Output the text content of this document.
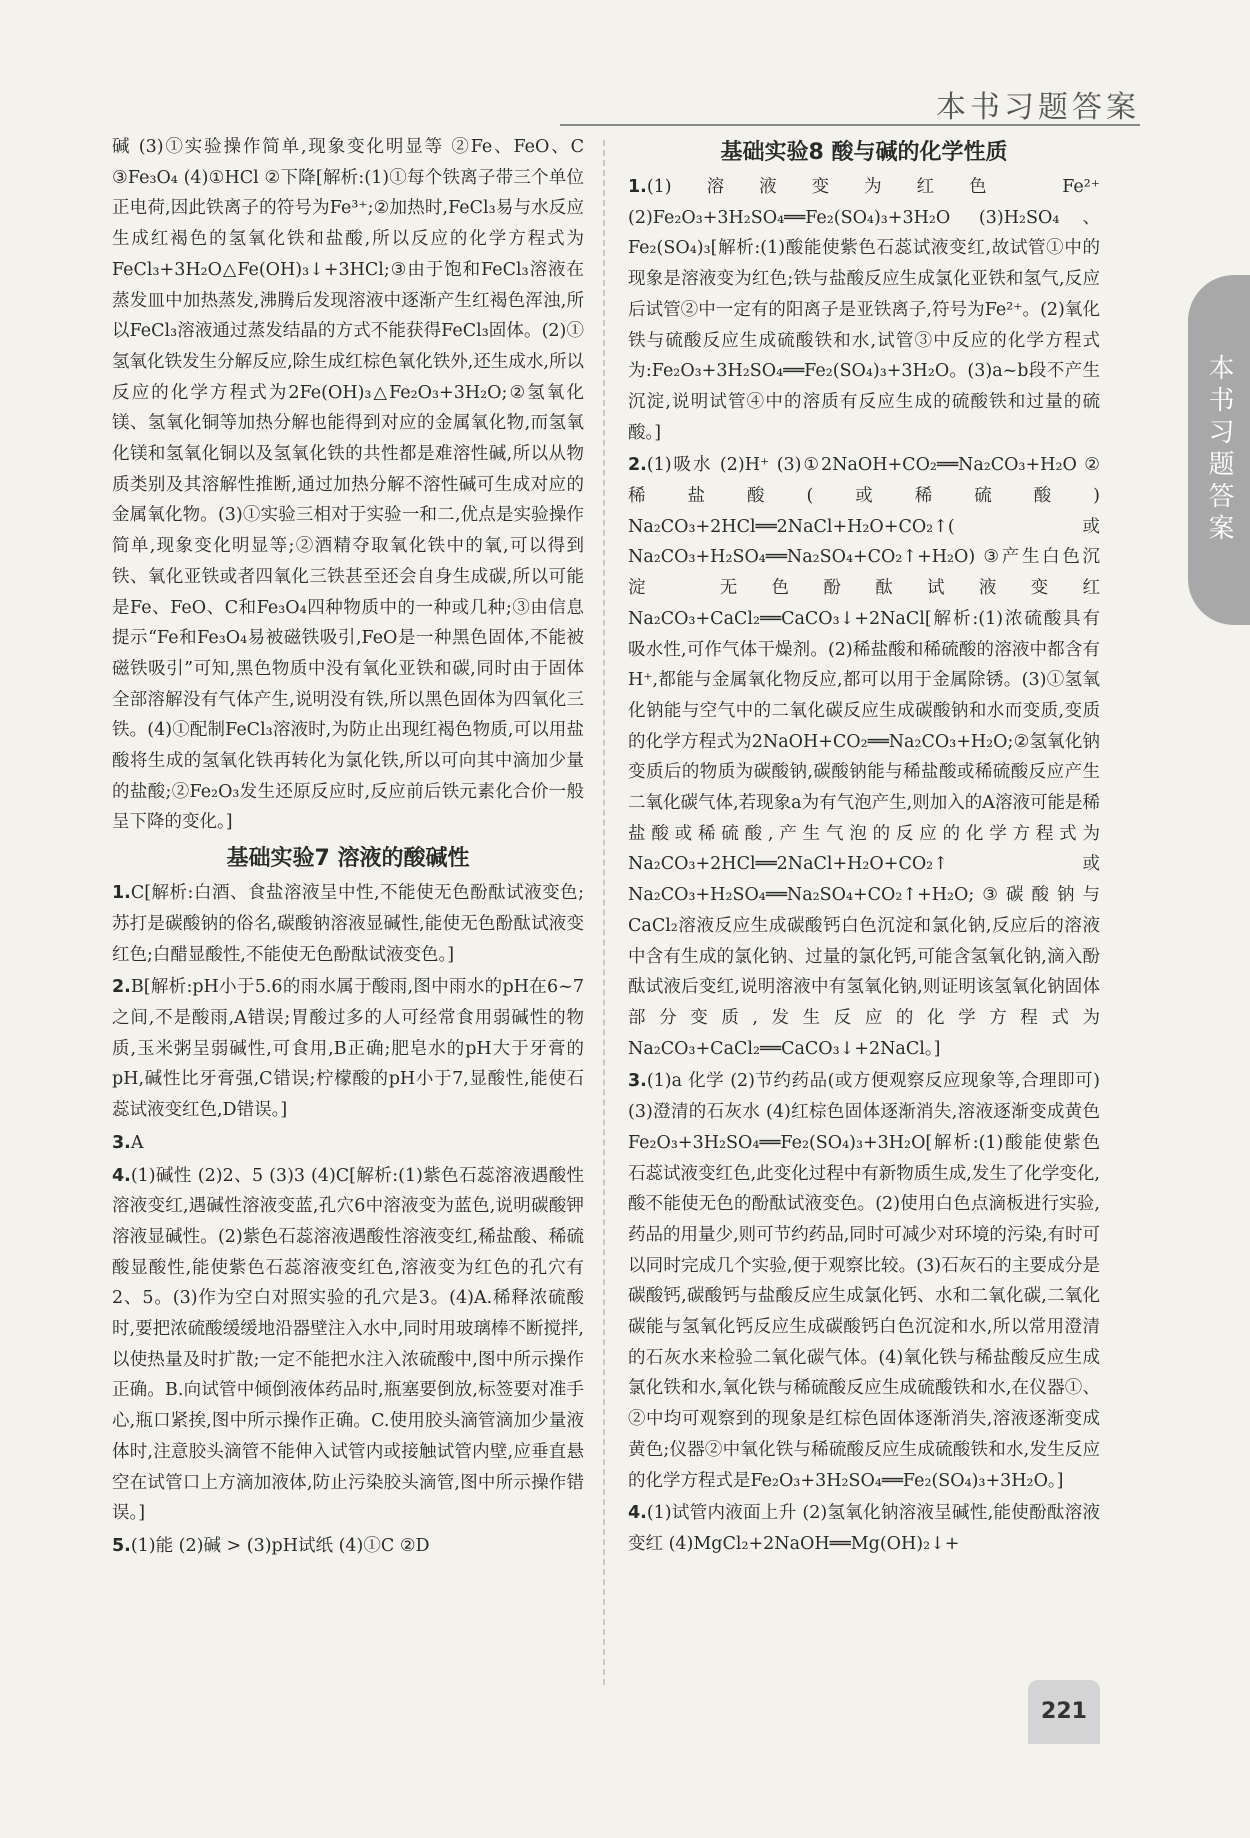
本书习题答案
本书习题答案

碱 (3)①实验操作简单,现象变化明显等 ②Fe、FeO、C ③Fe₃O₄ (4)①HCl ②下降[解析:(1)①每个铁离子带三个单位正电荷,因此铁离子的符号为Fe³⁺;②加热时,FeCl₃易与水反应生成红褐色的氢氧化铁和盐酸,所以反应的化学方程式为FeCl₃+3H₂O△Fe(OH)₃↓+3HCl;③由于饱和FeCl₃溶液在蒸发皿中加热蒸发,沸腾后发现溶液中逐渐产生红褐色浑浊,所以FeCl₃溶液通过蒸发结晶的方式不能获得FeCl₃固体。(2)①氢氧化铁发生分解反应,除生成红棕色氧化铁外,还生成水,所以反应的化学方程式为2Fe(OH)₃△Fe₂O₃+3H₂O;②氢氧化镁、氢氧化铜等加热分解也能得到对应的金属氧化物,而氢氧化镁和氢氧化铜以及氢氧化铁的共性都是难溶性碱,所以从物质类别及其溶解性推断,通过加热分解不溶性碱可生成对应的金属氧化物。(3)①实验三相对于实验一和二,优点是实验操作简单,现象变化明显等;②酒精夺取氧化铁中的氧,可以得到铁、氧化亚铁或者四氧化三铁甚至还会自身生成碳,所以可能是Fe、FeO、C和Fe₃O₄四种物质中的一种或几种;③由信息提示“Fe和Fe₃O₄易被磁铁吸引,FeO是一种黑色固体,不能被磁铁吸引”可知,黑色物质中没有氧化亚铁和碳,同时由于固体全部溶解没有气体产生,说明没有铁,所以黑色固体为四氧化三铁。(4)①配制FeCl₃溶液时,为防止出现红褐色物质,可以用盐酸将生成的氢氧化铁再转化为氯化铁,所以可向其中滴加少量的盐酸;②Fe₂O₃发生还原反应时,反应前后铁元素化合价一般呈下降的变化。]

基础实验7 溶液的酸碱性
1.C[解析:白酒、食盐溶液呈中性,不能使无色酚酞试液变色;苏打是碳酸钠的俗名,碳酸钠溶液显碱性,能使无色酚酞试液变红色;白醋显酸性,不能使无色酚酞试液变色。]
2.B[解析:pH小于5.6的雨水属于酸雨,图中雨水的pH在6~7之间,不是酸雨,A错误;胃酸过多的人可经常食用弱碱性的物质,玉米粥呈弱碱性,可食用,B正确;肥皂水的pH大于牙膏的pH,碱性比牙膏强,C错误;柠檬酸的pH小于7,显酸性,能使石蕊试液变红色,D错误。]
3.A
4.(1)碱性 (2)2、5 (3)3 (4)C[解析:(1)紫色石蕊溶液遇酸性溶液变红,遇碱性溶液变蓝,孔穴6中溶液变为蓝色,说明碳酸钾溶液显碱性。(2)紫色石蕊溶液遇酸性溶液变红,稀盐酸、稀硫酸显酸性,能使紫色石蕊溶液变红色,溶液变为红色的孔穴有2、5。(3)作为空白对照实验的孔穴是3。(4)A.稀释浓硫酸时,要把浓硫酸缓缓地沿器壁注入水中,同时用玻璃棒不断搅拌,以使热量及时扩散;一定不能把水注入浓硫酸中,图中所示操作正确。B.向试管中倾倒液体药品时,瓶塞要倒放,标签要对准手心,瓶口紧挨,图中所示操作正确。C.使用胶头滴管滴加少量液体时,注意胶头滴管不能伸入试管内或接触试管内壁,应垂直悬空在试管口上方滴加液体,防止污染胶头滴管,图中所示操作错误。]
5.(1)能 (2)碱 > (3)pH试纸 (4)①C ②D
基础实验8 酸与碱的化学性质
1.(1)溶液变为红色 Fe²⁺ (2)Fe₂O₃+3H₂SO₄══Fe₂(SO₄)₃+3H₂O (3)H₂SO₄、Fe₂(SO₄)₃[解析:(1)酸能使紫色石蕊试液变红,故试管①中的现象是溶液变为红色;铁与盐酸反应生成氯化亚铁和氢气,反应后试管②中一定有的阳离子是亚铁离子,符号为Fe²⁺。(2)氧化铁与硫酸反应生成硫酸铁和水,试管③中反应的化学方程式为:Fe₂O₃+3H₂SO₄══Fe₂(SO₄)₃+3H₂O。(3)a~b段不产生沉淀,说明试管④中的溶质有反应生成的硫酸铁和过量的硫酸。]
2.(1)吸水 (2)H⁺ (3)①2NaOH+CO₂══Na₂CO₃+H₂O ②稀盐酸(或稀硫酸) Na₂CO₃+2HCl══2NaCl+H₂O+CO₂↑(或Na₂CO₃+H₂SO₄══Na₂SO₄+CO₂↑+H₂O) ③产生白色沉淀 无色酚酞试液变红 Na₂CO₃+CaCl₂══CaCO₃↓+2NaCl[解析:(1)浓硫酸具有吸水性,可作气体干燥剂。(2)稀盐酸和稀硫酸的溶液中都含有H⁺,都能与金属氧化物反应,都可以用于金属除锈。(3)①氢氧化钠能与空气中的二氧化碳反应生成碳酸钠和水而变质,变质的化学方程式为2NaOH+CO₂══Na₂CO₃+H₂O;②氢氧化钠变质后的物质为碳酸钠,碳酸钠能与稀盐酸或稀硫酸反应产生二氧化碳气体,若现象a为有气泡产生,则加入的A溶液可能是稀盐酸或稀硫酸,产生气泡的反应的化学方程式为Na₂CO₃+2HCl══2NaCl+H₂O+CO₂↑或Na₂CO₃+H₂SO₄══Na₂SO₄+CO₂↑+H₂O;③碳酸钠与CaCl₂溶液反应生成碳酸钙白色沉淀和氯化钠,反应后的溶液中含有生成的氯化钠、过量的氯化钙,可能含氢氧化钠,滴入酚酞试液后变红,说明溶液中有氢氧化钠,则证明该氢氧化钠固体部分变质,发生反应的化学方程式为Na₂CO₃+CaCl₂══CaCO₃↓+2NaCl。]
3.(1)a 化学 (2)节约药品(或方便观察反应现象等,合理即可) (3)澄清的石灰水 (4)红棕色固体逐渐消失,溶液逐渐变成黄色 Fe₂O₃+3H₂SO₄══Fe₂(SO₄)₃+3H₂O[解析:(1)酸能使紫色石蕊试液变红色,此变化过程中有新物质生成,发生了化学变化,酸不能使无色的酚酞试液变色。(2)使用白色点滴板进行实验,药品的用量少,则可节约药品,同时可减少对环境的污染,有时可以同时完成几个实验,便于观察比较。(3)石灰石的主要成分是碳酸钙,碳酸钙与盐酸反应生成氯化钙、水和二氧化碳,二氧化碳能与氢氧化钙反应生成碳酸钙白色沉淀和水,所以常用澄清的石灰水来检验二氧化碳气体。(4)氧化铁与稀盐酸反应生成氯化铁和水,氧化铁与稀硫酸反应生成硫酸铁和水,在仪器①、②中均可观察到的现象是红棕色固体逐渐消失,溶液逐渐变成黄色;仪器②中氧化铁与稀硫酸反应生成硫酸铁和水,发生反应的化学方程式是Fe₂O₃+3H₂SO₄══Fe₂(SO₄)₃+3H₂O。]
4.(1)试管内液面上升 (2)氢氧化钠溶液呈碱性,能使酚酞溶液变红 (4)MgCl₂+2NaOH══Mg(OH)₂↓+
221
